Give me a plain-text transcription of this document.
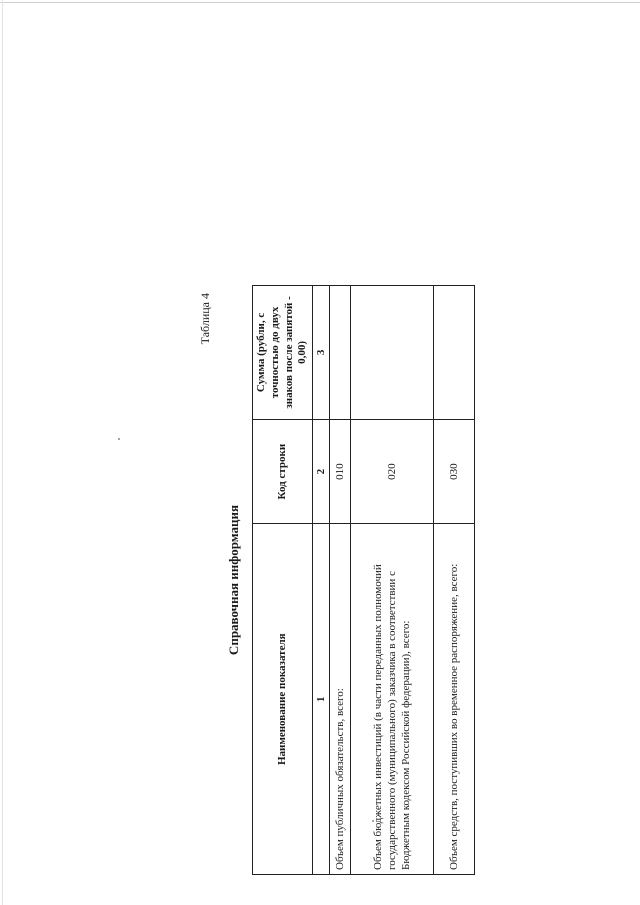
Таблица 4
Справочная информация
Наименование показателя	Код строки	Сумма (рубли, с точностью до двух знаков после запятой - 0,00)
1	2	3
Объем публичных обязательств, всего:	010	
Объем бюджетных инвестиций (в части переданных полномочий государственного (муниципального) заказчика в соответствии с Бюджетным кодексом Российской федерации), всего:	020	
Объем средств, поступивших во временное распоряжение, всего:	030	
